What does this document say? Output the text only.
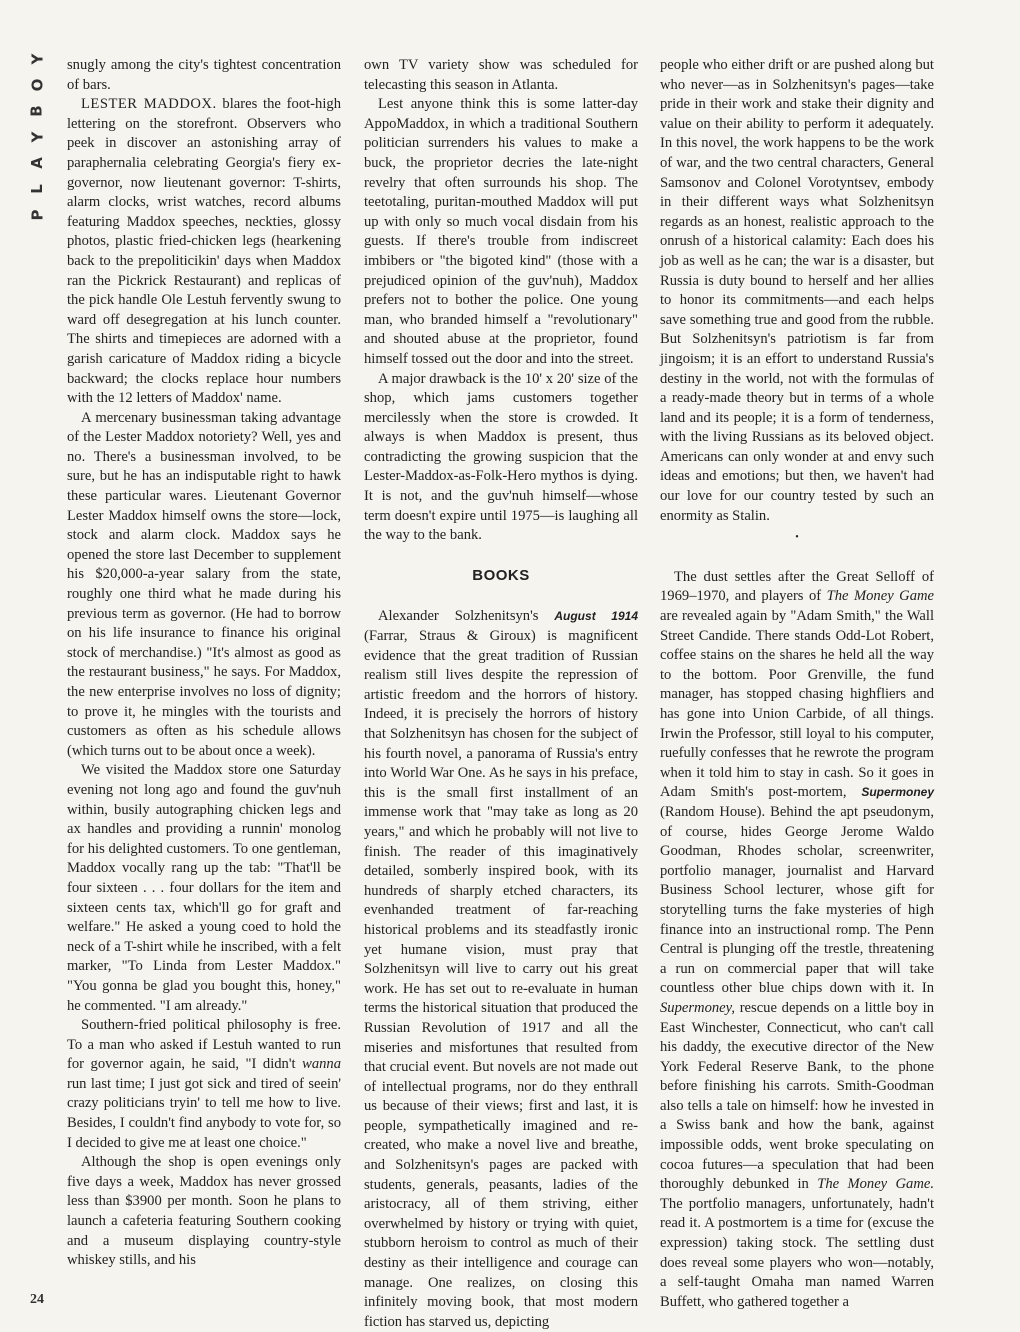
Y
O
B
Y
A
L
P
24

snugly among the city's tightest concentration of bars.

LESTER MADDOX. blares the foot-high lettering on the storefront. Observers who peek in discover an astonishing array of paraphernalia celebrating Georgia's fiery ex-governor, now lieutenant governor: T-shirts, alarm clocks, wrist watches, record albums featuring Maddox speeches, neckties, glossy photos, plastic fried-chicken legs (hearkening back to the prepoliticikin' days when Maddox ran the Pickrick Restaurant) and replicas of the pick handle Ole Lestuh fervently swung to ward off desegregation at his lunch counter. The shirts and timepieces are adorned with a garish caricature of Maddox riding a bicycle backward; the clocks replace hour numbers with the 12 letters of Maddox' name.

A mercenary businessman taking advantage of the Lester Maddox notoriety? Well, yes and no. There's a businessman involved, to be sure, but he has an indisputable right to hawk these particular wares. Lieutenant Governor Lester Maddox himself owns the store—lock, stock and alarm clock. Maddox says he opened the store last December to supplement his $20,000-a-year salary from the state, roughly one third what he made during his previous term as governor. (He had to borrow on his life insurance to finance his original stock of merchandise.) "It's almost as good as the restaurant business," he says. For Maddox, the new enterprise involves no loss of dignity; to prove it, he mingles with the tourists and customers as often as his schedule allows (which turns out to be about once a week).

We visited the Maddox store one Saturday evening not long ago and found the guv'nuh within, busily autographing chicken legs and ax handles and providing a runnin' monolog for his delighted customers. To one gentleman, Maddox vocally rang up the tab: "That'll be four sixteen . . . four dollars for the item and sixteen cents tax, which'll go for graft and welfare." He asked a young coed to hold the neck of a T-shirt while he inscribed, with a felt marker, "To Linda from Lester Maddox." "You gonna be glad you bought this, honey," he commented. "I am already."

Southern-fried political philosophy is free. To a man who asked if Lestuh wanted to run for governor again, he said, "I didn't wanna run last time; I just got sick and tired of seein' crazy politicians tryin' to tell me how to live. Besides, I couldn't find anybody to vote for, so I decided to give me at least one choice."

Although the shop is open evenings only five days a week, Maddox has never grossed less than $3900 per month. Soon he plans to launch a cafeteria featuring Southern cooking and a museum displaying country-style whiskey stills, and his

own TV variety show was scheduled for telecasting this season in Atlanta.

Lest anyone think this is some latter-day AppoMaddox, in which a traditional Southern politician surrenders his values to make a buck, the proprietor decries the late-night revelry that often surrounds his shop. The teetotaling, puritan-mouthed Maddox will put up with only so much vocal disdain from his guests. If there's trouble from indiscreet imbibers or "the bigoted kind" (those with a prejudiced opinion of the guv'nuh), Maddox prefers not to bother the police. One young man, who branded himself a "revolutionary" and shouted abuse at the proprietor, found himself tossed out the door and into the street.

A major drawback is the 10' x 20' size of the shop, which jams customers together mercilessly when the store is crowded. It always is when Maddox is present, thus contradicting the growing suspicion that the Lester-Maddox-as-Folk-Hero mythos is dying. It is not, and the guv'nuh himself—whose term doesn't expire until 1975—is laughing all the way to the bank.

BOOKS

Alexander Solzhenitsyn's August 1914 (Farrar, Straus & Giroux) is magnificent evidence that the great tradition of Russian realism still lives despite the repression of artistic freedom and the horrors of history. Indeed, it is precisely the horrors of history that Solzhenitsyn has chosen for the subject of his fourth novel, a panorama of Russia's entry into World War One. As he says in his preface, this is the small first installment of an immense work that "may take as long as 20 years," and which he probably will not live to finish. The reader of this imaginatively detailed, somberly inspired book, with its hundreds of sharply etched characters, its evenhanded treatment of far-reaching historical problems and its steadfastly ironic yet humane vision, must pray that Solzhenitsyn will live to carry out his great work. He has set out to re-evaluate in human terms the historical situation that produced the Russian Revolution of 1917 and all the miseries and misfortunes that resulted from that crucial event. But novels are not made out of intellectual programs, nor do they enthrall us because of their views; first and last, it is people, sympathetically imagined and re-created, who make a novel live and breathe, and Solzhenitsyn's pages are packed with students, generals, peasants, ladies of the aristocracy, all of them striving, either overwhelmed by history or trying with quiet, stubborn heroism to control as much of their destiny as their intelligence and courage can manage. One realizes, on closing this infinitely moving book, that most modern fiction has starved us, depicting

people who either drift or are pushed along but who never—as in Solzhenitsyn's pages—take pride in their work and stake their dignity and value on their ability to perform it adequately. In this novel, the work happens to be the work of war, and the two central characters, General Samsonov and Colonel Vorotyntsev, embody in their different ways what Solzhenitsyn regards as an honest, realistic approach to the onrush of a historical calamity: Each does his job as well as he can; the war is a disaster, but Russia is duty bound to herself and her allies to honor its commitments—and each helps save something true and good from the rubble. But Solzhenitsyn's patriotism is far from jingoism; it is an effort to understand Russia's destiny in the world, not with the formulas of a ready-made theory but in terms of a whole land and its people; it is a form of tenderness, with the living Russians as its beloved object. Americans can only wonder at and envy such ideas and emotions; but then, we haven't had our love for our country tested by such an enormity as Stalin.

•

The dust settles after the Great Selloff of 1969–1970, and players of The Money Game are revealed again by "Adam Smith," the Wall Street Candide. There stands Odd-Lot Robert, coffee stains on the shares he held all the way to the bottom. Poor Grenville, the fund manager, has stopped chasing highfliers and has gone into Union Carbide, of all things. Irwin the Professor, still loyal to his computer, ruefully confesses that he rewrote the program when it told him to stay in cash. So it goes in Adam Smith's post-mortem, Supermoney (Random House). Behind the apt pseudonym, of course, hides George Jerome Waldo Goodman, Rhodes scholar, screenwriter, portfolio manager, journalist and Harvard Business School lecturer, whose gift for storytelling turns the fake mysteries of high finance into an instructional romp. The Penn Central is plunging off the trestle, threatening a run on commercial paper that will take countless other blue chips down with it. In Supermoney, rescue depends on a little boy in East Winchester, Connecticut, who can't call his daddy, the executive director of the New York Federal Reserve Bank, to the phone before finishing his carrots. Smith-Goodman also tells a tale on himself: how he invested in a Swiss bank and how the bank, against impossible odds, went broke speculating on cocoa futures—a speculation that had been thoroughly debunked in The Money Game. The portfolio managers, unfortunately, hadn't read it. A postmortem is a time for (excuse the expression) taking stock. The settling dust does reveal some players who won—notably, a self-taught Omaha man named Warren Buffett, who gathered together a
